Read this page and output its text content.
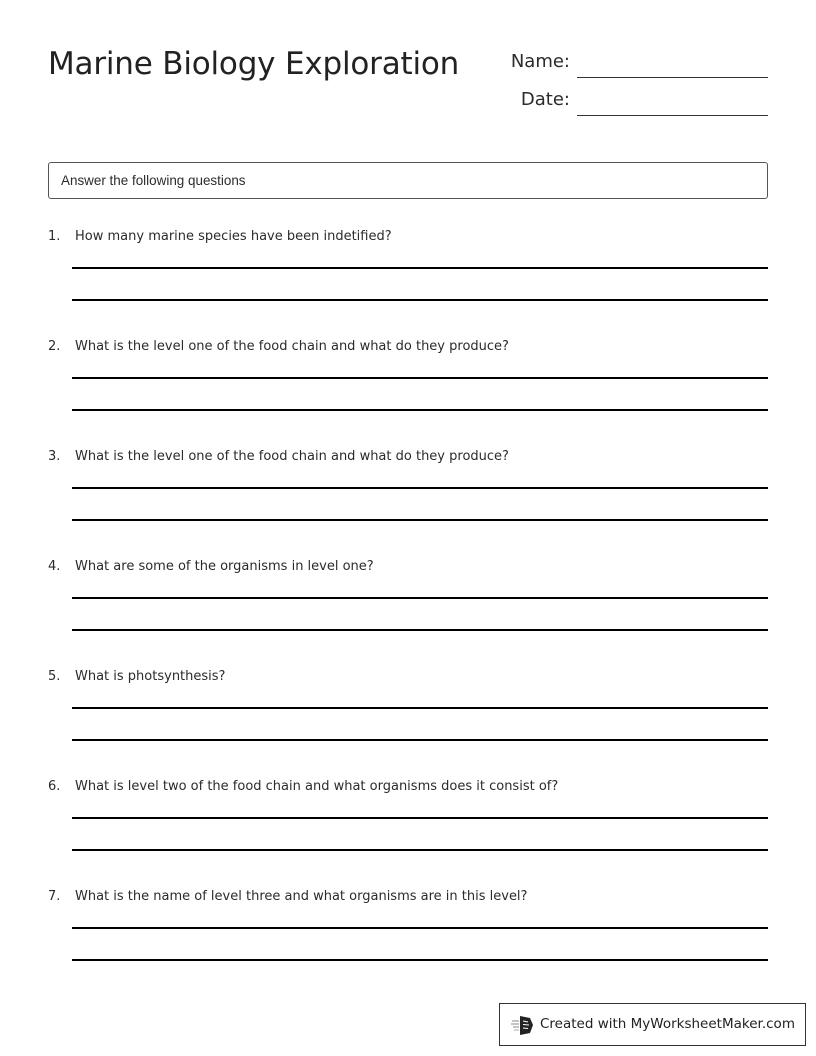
Marine Biology Exploration	Name:
Date:
Answer the following questions
1. How many marine species have been indetified?
2. What is the level one of the food chain and what do they produce?
3. What is the level one of the food chain and what do they produce?
4. What are some of the organisms in level one?
5. What is photsynthesis?
6. What is level two of the food chain and what organisms does it consist of?
7. What is the name of level three and what organisms are in this level?
Created with MyWorksheetMaker.com
